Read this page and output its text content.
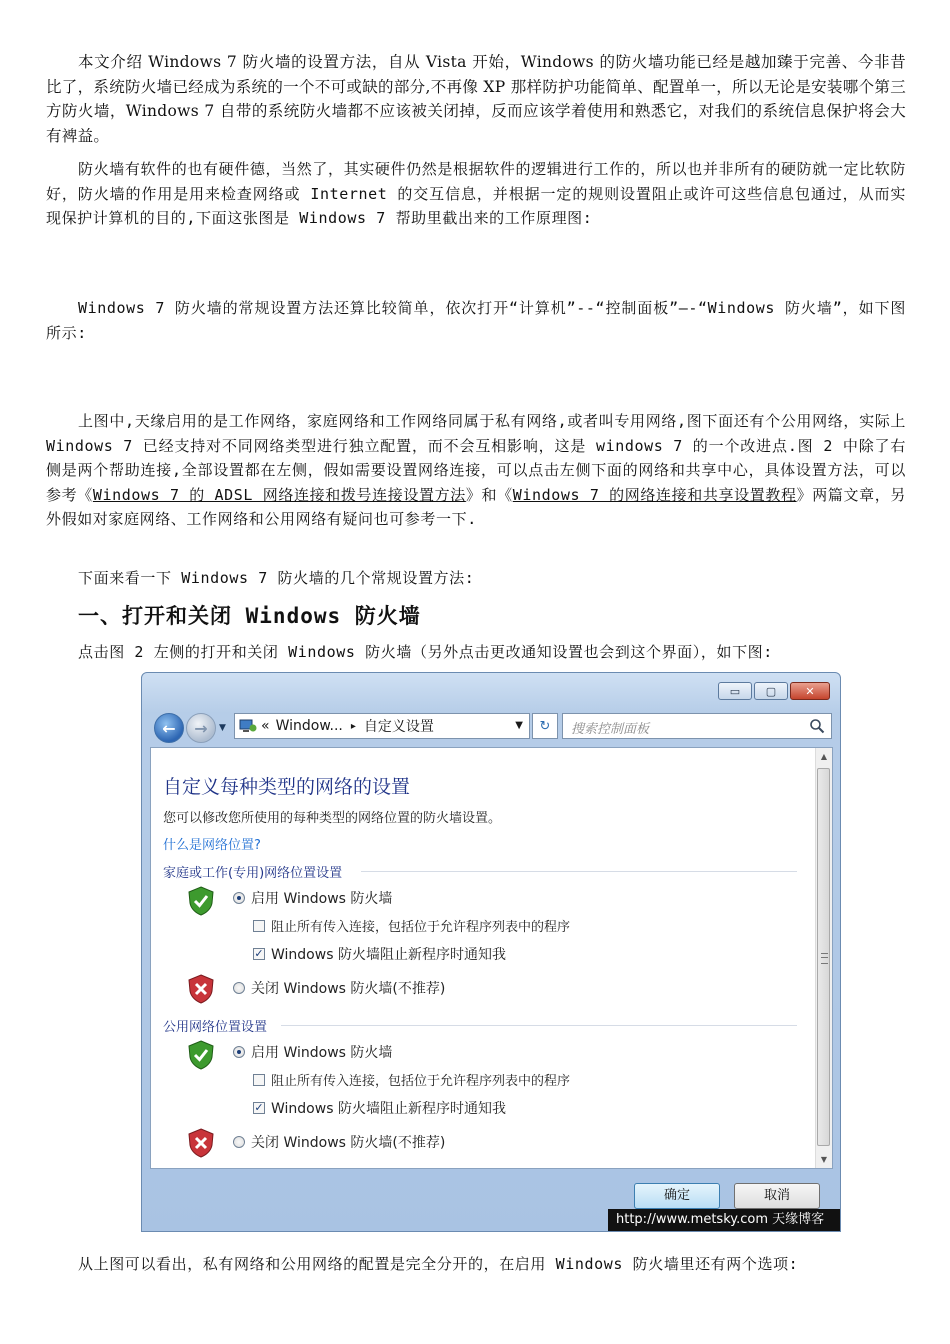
本文介绍 Windows 7 防火墙的设置方法，自从 Vista 开始，Windows 的防火墙功能已经是越加臻于完善、今非昔比了，系统防火墙已经成为系统的一个不可或缺的部分,不再像 XP 那样防护功能简单、配置单一，所以无论是安装哪个第三方防火墙，Windows 7 自带的系统防火墙都不应该被关闭掉，反而应该学着使用和熟悉它，对我们的系统信息保护将会大有裨益。

防火墙有软件的也有硬件德，当然了，其实硬件仍然是根据软件的逻辑进行工作的，所以也并非所有的硬防就一定比软防好，防火墙的作用是用来检查网络或 Internet 的交互信息，并根据一定的规则设置阻止或许可这些信息包通过，从而实现保护计算机的目的,下面这张图是 Windows 7 帮助里截出来的工作原理图:

Windows 7 防火墙的常规设置方法还算比较简单，依次打开“计算机”--“控制面板”—-“Windows 防火墙”，如下图所示:

上图中,天缘启用的是工作网络，家庭网络和工作网络同属于私有网络,或者叫专用网络,图下面还有个公用网络，实际上 Windows 7 已经支持对不同网络类型进行独立配置，而不会互相影响，这是 windows 7 的一个改进点.图 2 中除了右侧是两个帮助连接,全部设置都在左侧，假如需要设置网络连接，可以点击左侧下面的网络和共享中心，具体设置方法，可以参考《Windows 7 的 ADSL 网络连接和拨号连接设置方法》和《Windows 7 的网络连接和共享设置教程》两篇文章，另外假如对家庭网络、工作网络和公用网络有疑问也可参考一下.

下面来看一下 Windows 7 防火墙的几个常规设置方法:

一、打开和关闭 Windows 防火墙

点击图 2 左侧的打开和关闭 Windows 防火墙（另外点击更改通知设置也会到这个界面），如下图:

▭	▢	✕
← → ▼	« Window... ▸ 自定义设置	▼ ↻	搜索控制面板
自定义每种类型的网络的设置
您可以修改您所使用的每种类型的网络位置的防火墙设置。
什么是网络位置?
家庭或工作(专用)网络位置设置
启用 Windows 防火墙
阻止所有传入连接，包括位于允许程序列表中的程序
✓ Windows 防火墙阻止新程序时通知我
关闭 Windows 防火墙(不推荐)
公用网络位置设置
启用 Windows 防火墙
阻止所有传入连接，包括位于允许程序列表中的程序
✓ Windows 防火墙阻止新程序时通知我
关闭 Windows 防火墙(不推荐)
▲
▼
确定	取消
http://www.metsky.com 天缘博客

从上图可以看出，私有网络和公用网络的配置是完全分开的，在启用 Windows 防火墙里还有两个选项:
